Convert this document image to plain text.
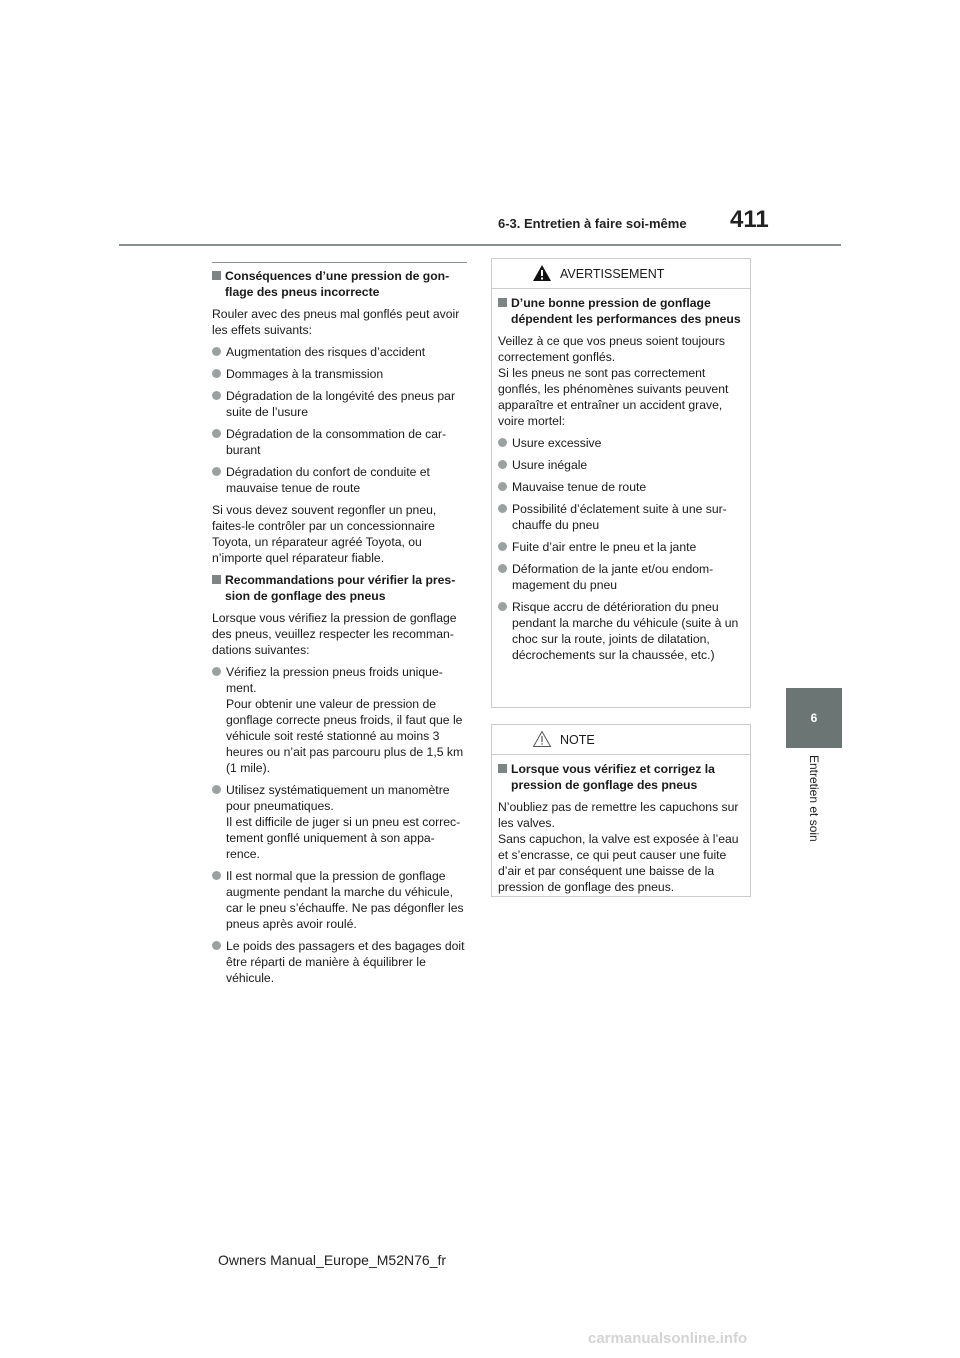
6-3. Entretien à faire soi-même 411
6
Entretien et soin
Conséquences d’une pression de gon-flage des pneus incorrecte
Rouler avec des pneus mal gonflés peut avoir les effets suivants:
Augmentation des risques d’accident
Dommages à la transmission
Dégradation de la longévité des pneus par suite de l’usure
Dégradation de la consommation de car-burant
Dégradation du confort de conduite et mauvaise tenue de route
Si vous devez souvent regonfler un pneu, faites-le contrôler par un concessionnaire Toyota, un réparateur agréé Toyota, ou n’importe quel réparateur fiable.
Recommandations pour vérifier la pres-sion de gonflage des pneus
Lorsque vous vérifiez la pression de gonflage des pneus, veuillez respecter les recomman-dations suivantes:
Vérifiez la pression pneus froids unique-ment.
Pour obtenir une valeur de pression de gonflage correcte pneus froids, il faut que le véhicule soit resté stationné au moins 3 heures ou n’ait pas parcouru plus de 1,5 km (1 mile).
Utilisez systématiquement un manomètre pour pneumatiques.
Il est difficile de juger si un pneu est correc-tement gonflé uniquement à son appa-rence.
Il est normal que la pression de gonflage augmente pendant la marche du véhicule, car le pneu s’échauffe. Ne pas dégonfler les pneus après avoir roulé.
Le poids des passagers et des bagages doit être réparti de manière à équilibrer le véhicule.
AVERTISSEMENT
D’une bonne pression de gonflage dépendent les performances des pneus
Veillez à ce que vos pneus soient toujours correctement gonflés.
Si les pneus ne sont pas correctement gonflés, les phénomènes suivants peuvent apparaître et entraîner un accident grave, voire mortel:
Usure excessive
Usure inégale
Mauvaise tenue de route
Possibilité d’éclatement suite à une sur-chauffe du pneu
Fuite d’air entre le pneu et la jante
Déformation de la jante et/ou endom-magement du pneu
Risque accru de détérioration du pneu pendant la marche du véhicule (suite à un choc sur la route, joints de dilatation, décrochements sur la chaussée, etc.)
NOTE
Lorsque vous vérifiez et corrigez la pression de gonflage des pneus
N’oubliez pas de remettre les capuchons sur les valves.
Sans capuchon, la valve est exposée à l’eau et s’encrasse, ce qui peut causer une fuite d’air et par conséquent une baisse de la pression de gonflage des pneus.
Owners Manual_Europe_M52N76_fr
carmanualsonline.info
